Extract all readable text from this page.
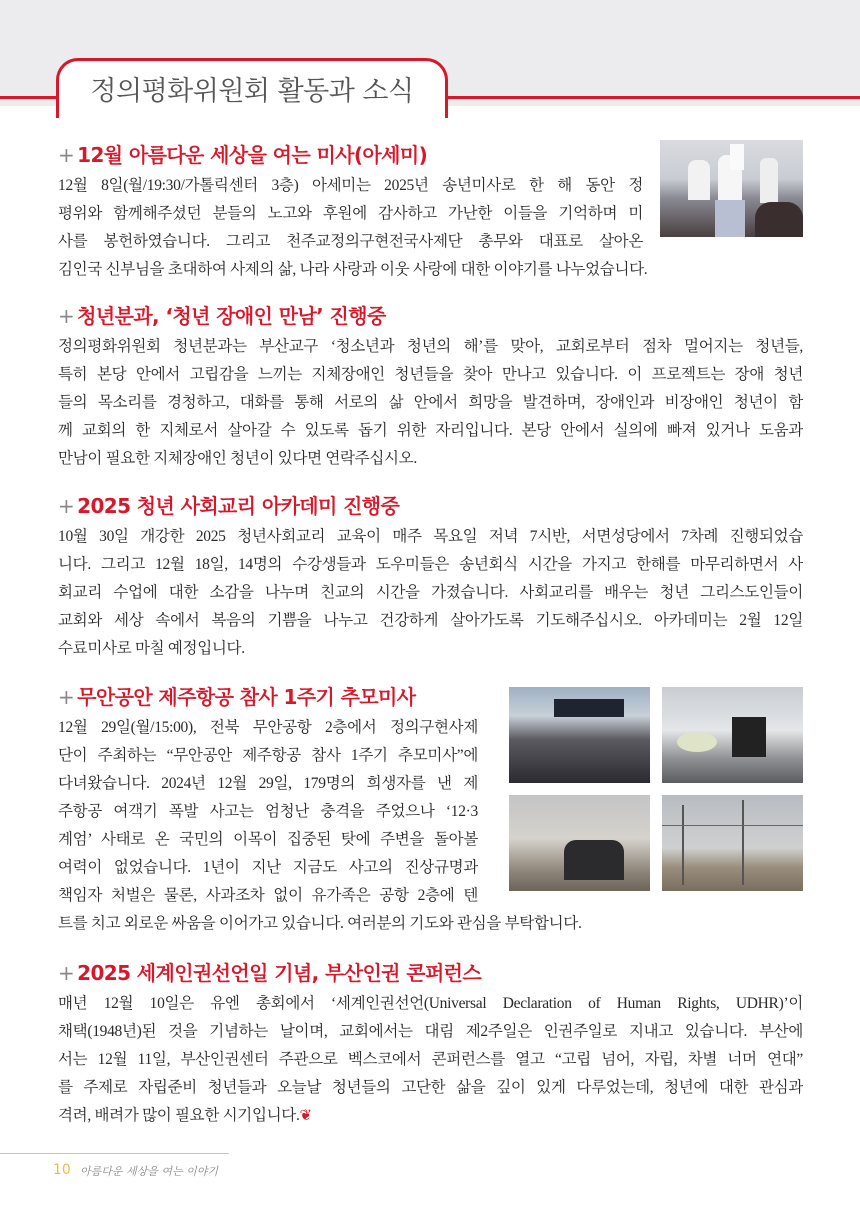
정의평화위원회 활동과 소식
+ 12월 아름다운 세상을 여는 미사(아세미)
12월 8일(월/19:30/가톨릭센터 3층) 아세미는 2025년 송년미사로 한 해 동안 정
평위와 함께해주셨던 분들의 노고와 후원에 감사하고 가난한 이들을 기억하며 미
사를 봉헌하였습니다. 그리고 천주교정의구현전국사제단 총무와 대표로 살아온
김인국 신부님을 초대하여 사제의 삶, 나라 사랑과 이웃 사랑에 대한 이야기를 나누었습니다.
+ 청년분과, ‘청년 장애인 만남’ 진행중
정의평화위원회 청년분과는 부산교구 ‘청소년과 청년의 해’를 맞아, 교회로부터 점차 멀어지는 청년들,
특히 본당 안에서 고립감을 느끼는 지체장애인 청년들을 찾아 만나고 있습니다. 이 프로젝트는 장애 청년
들의 목소리를 경청하고, 대화를 통해 서로의 삶 안에서 희망을 발견하며, 장애인과 비장애인 청년이 함
께 교회의 한 지체로서 살아갈 수 있도록 돕기 위한 자리입니다. 본당 안에서 실의에 빠져 있거나 도움과
만남이 필요한 지체장애인 청년이 있다면 연락주십시오.
+ 2025 청년 사회교리 아카데미 진행중
10월 30일 개강한 2025 청년사회교리 교육이 매주 목요일 저녁 7시반, 서면성당에서 7차례 진행되었습
니다. 그리고 12월 18일, 14명의 수강생들과 도우미들은 송년회식 시간을 가지고 한해를 마무리하면서 사
회교리 수업에 대한 소감을 나누며 친교의 시간을 가졌습니다. 사회교리를 배우는 청년 그리스도인들이
교회와 세상 속에서 복음의 기쁨을 나누고 건강하게 살아가도록 기도해주십시오. 아카데미는 2월 12일
수료미사로 마칠 예정입니다.
+ 무안공안 제주항공 참사 1주기 추모미사
12월 29일(월/15:00), 전북 무안공항 2층에서 정의구현사제
단이 주최하는 “무안공안 제주항공 참사 1주기 추모미사”에
다녀왔습니다. 2024년 12월 29일, 179명의 희생자를 낸 제
주항공 여객기 폭발 사고는 엄청난 충격을 주었으나 ‘12·3
계엄’ 사태로 온 국민의 이목이 집중된 탓에 주변을 돌아볼
여력이 없었습니다. 1년이 지난 지금도 사고의 진상규명과
책임자 처벌은 물론, 사과조차 없이 유가족은 공항 2층에 텐
트를 치고 외로운 싸움을 이어가고 있습니다. 여러분의 기도와 관심을 부탁합니다.
+ 2025 세계인권선언일 기념, 부산인권 콘퍼런스
매년 12월 10일은 유엔 총회에서 ‘세계인권선언(Universal Declaration of Human Rights, UDHR)’이
채택(1948년)된 것을 기념하는 날이며, 교회에서는 대림 제2주일은 인권주일로 지내고 있습니다. 부산에
서는 12월 11일, 부산인권센터 주관으로 벡스코에서 콘퍼런스를 열고 “고립 넘어, 자립, 차별 너머 연대”
를 주제로 자립준비 청년들과 오늘날 청년들의 고단한 삶을 깊이 있게 다루었는데, 청년에 대한 관심과
격려, 배려가 많이 필요한 시기입니다.❦
10 아름다운 세상을 여는 이야기
